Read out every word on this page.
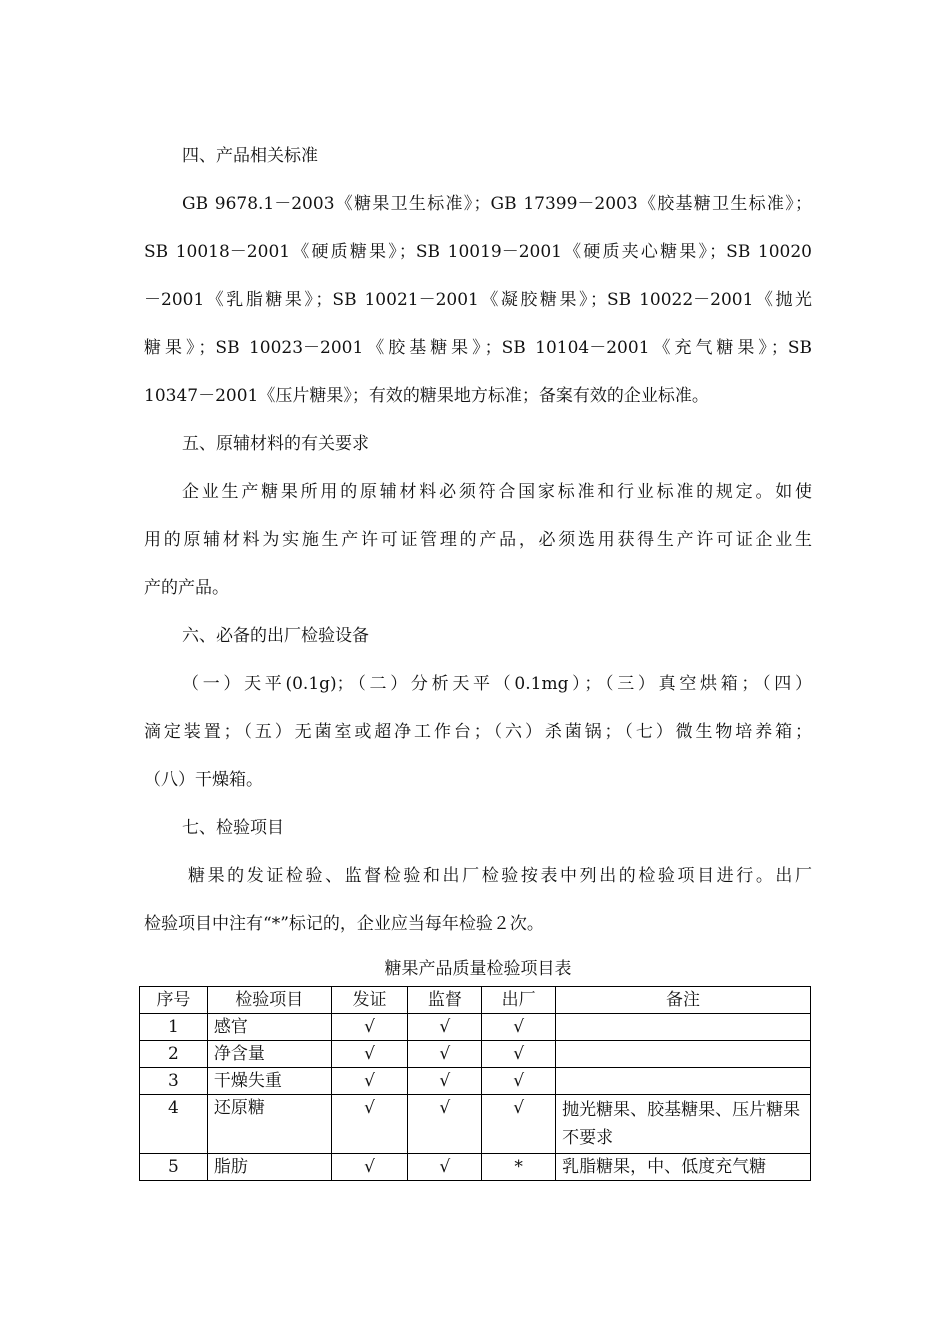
四、产品相关标准
GB 9678.1－2003《糖果卫生标准》；GB 17399－2003《胶基糖卫生标准》；
SB 10018－2001《硬质糖果》；SB 10019－2001《硬质夹心糖果》；SB 10020
－2001《乳脂糖果》；SB 10021－2001《凝胶糖果》；SB 10022－2001《抛光
糖果》；SB 10023－2001《胶基糖果》；SB 10104－2001《充气糖果》；SB
10347－2001《压片糖果》；有效的糖果地方标准；备案有效的企业标准。
五、原辅材料的有关要求
企业生产糖果所用的原辅材料必须符合国家标准和行业标准的规定。如使
用的原辅材料为实施生产许可证管理的产品，必须选用获得生产许可证企业生
产的产品。
六、必备的出厂检验设备
（一）天平(0.1g)；（二）分析天平（0.1mg）；（三）真空烘箱；（四）
滴定装置；（五）无菌室或超净工作台；（六）杀菌锅；（七）微生物培养箱；
（八）干燥箱。
七、检验项目
糖果的发证检验、监督检验和出厂检验按表中列出的检验项目进行。出厂
检验项目中注有“*”标记的，企业应当每年检验２次。
糖果产品质量检验项目表
序号	检验项目	发证	监督	出厂	备注
1	感官	√	√	√	
2	净含量	√	√	√	
3	干燥失重	√	√	√	
4	还原糖	√	√	√	抛光糖果、胶基糖果、压片糖果不要求
5	脂肪	√	√	*	乳脂糖果，中、低度充气糖
